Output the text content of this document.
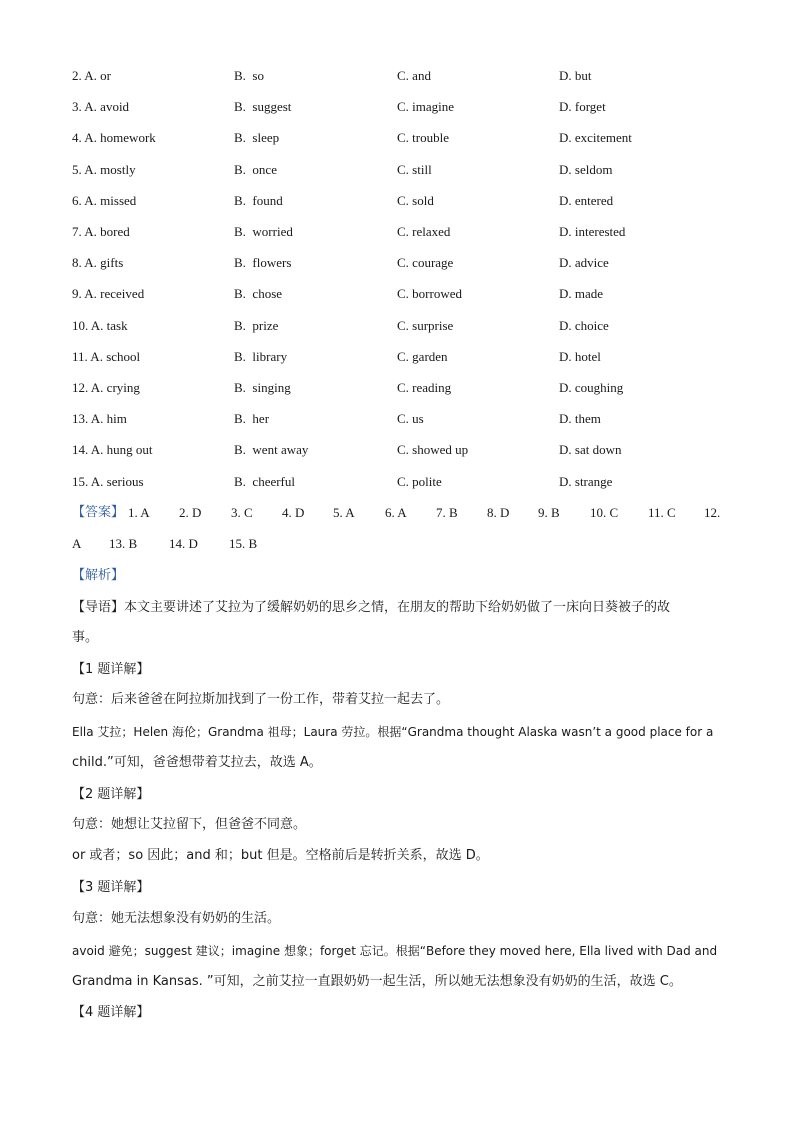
2. A. or	B.  so	C. and	D. but
3. A. avoid	B.  suggest	C. imagine	D. forget
4. A. homework	B.  sleep	C. trouble	D. excitement
5. A. mostly	B.  once	C. still	D. seldom
6. A. missed	B.  found	C. sold	D. entered
7. A. bored	B.  worried	C. relaxed	D. interested
8. A. gifts	B.  flowers	C. courage	D. advice
9. A. received	B.  chose	C. borrowed	D. made
10. A. task	B.  prize	C. surprise	D. choice
11. A. school	B.  library	C. garden	D. hotel
12. A. crying	B.  singing	C. reading	D. coughing
13. A. him	B.  her	C. us	D. them
14. A. hung out	B.  went away	C. showed up	D. sat down
15. A. serious	B.  cheerful	C. polite	D. strange
【答案】 1. A 2. D 3. C 4. D 5. A 6. A 7. B 8. D 9. B 10. C 11. C 12.
A 13. B 14. D 15. B
【解析】
【导语】本文主要讲述了艾拉为了缓解奶奶的思乡之情，在朋友的帮助下给奶奶做了一床向日葵被子的故
事。
【1 题详解】
句意：后来爸爸在阿拉斯加找到了一份工作，带着艾拉一起去了。
Ella 艾拉；Helen 海伦；Grandma 祖母；Laura 劳拉。根据“Grandma thought Alaska wasn’t a good place for a
child.”可知，爸爸想带着艾拉去，故选 A。
【2 题详解】
句意：她想让艾拉留下，但爸爸不同意。
or 或者；so 因此；and 和；but 但是。空格前后是转折关系，故选 D。
【3 题详解】
句意：她无法想象没有奶奶的生活。
avoid 避免；suggest 建议；imagine 想象；forget 忘记。根据“Before they moved here, Ella lived with Dad and
Grandma in Kansas. ”可知，之前艾拉一直跟奶奶一起生活，所以她无法想象没有奶奶的生活，故选 C。
【4 题详解】
